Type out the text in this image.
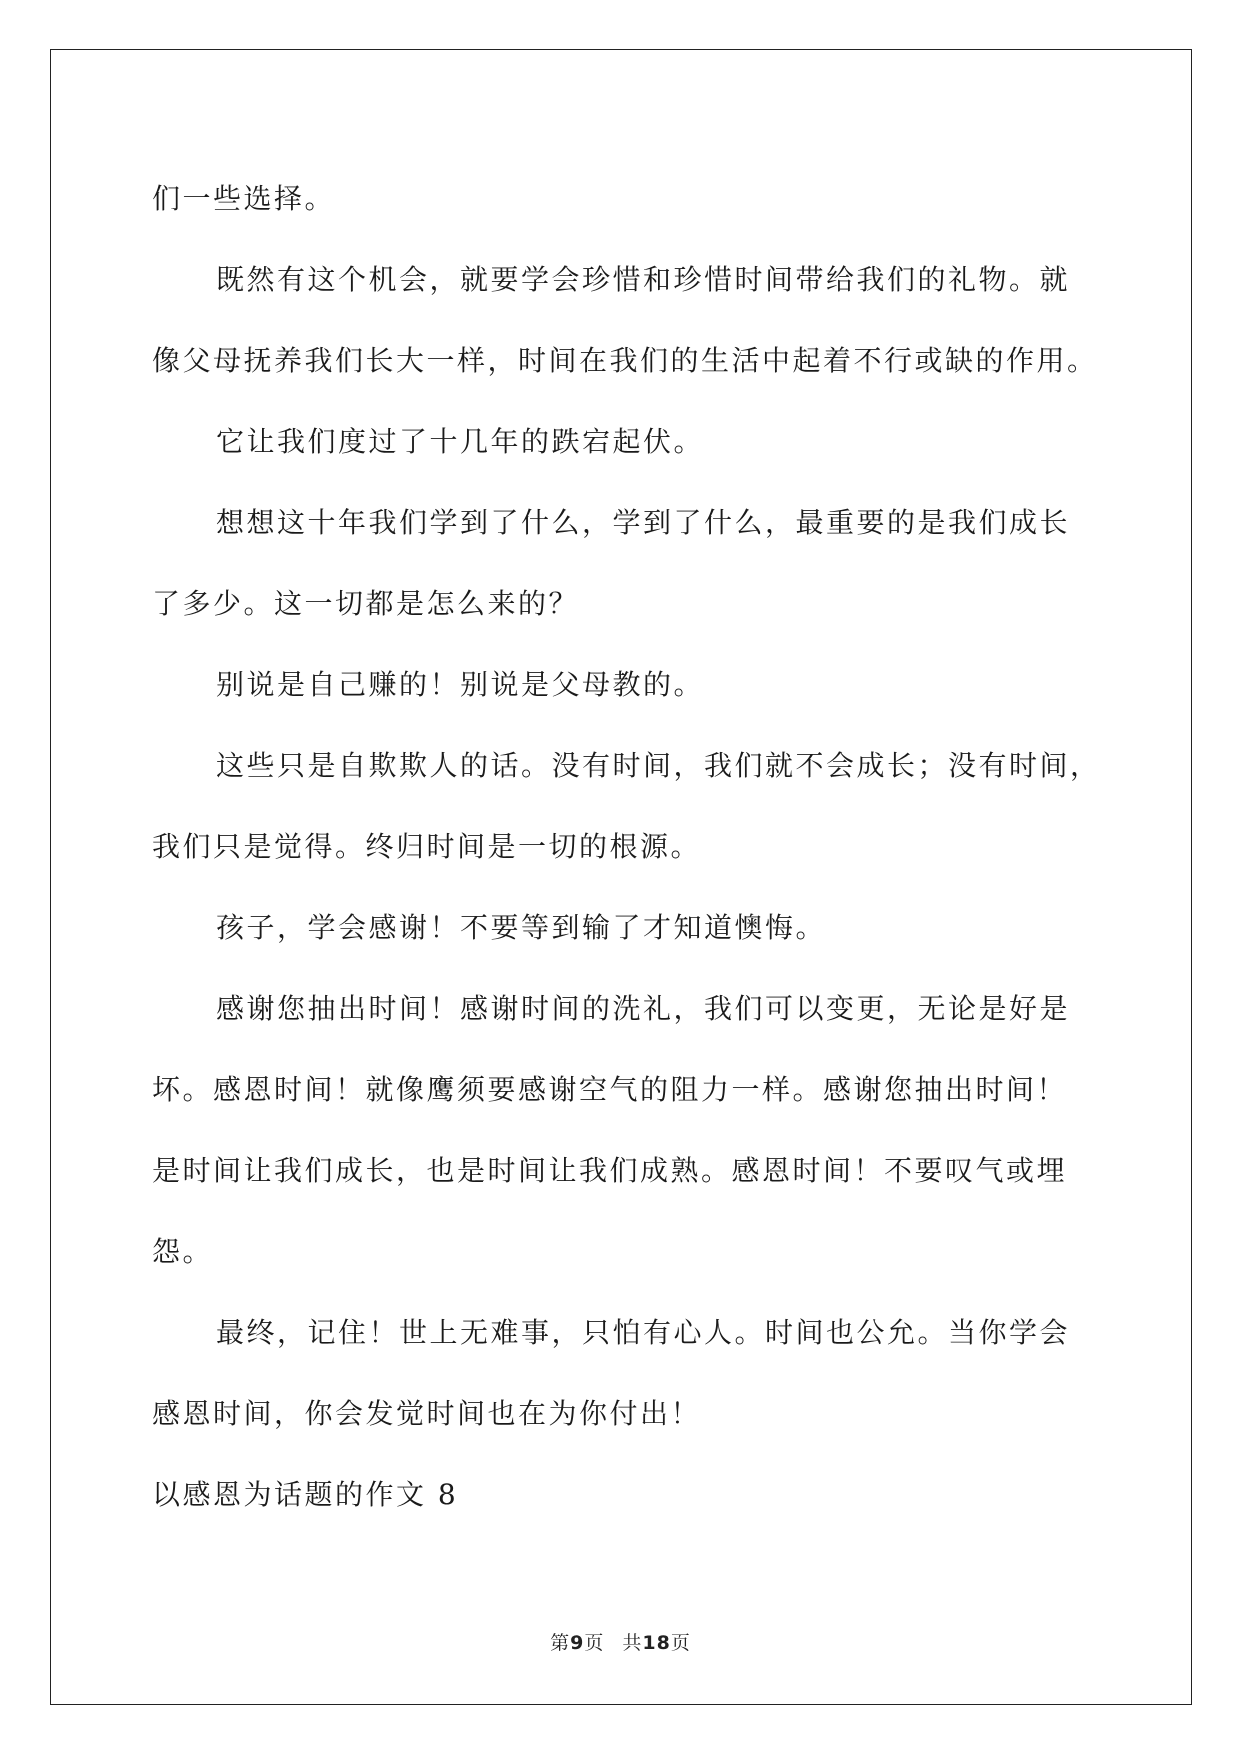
们一些选择。
既然有这个机会，就要学会珍惜和珍惜时间带给我们的礼物。就
像父母抚养我们长大一样，时间在我们的生活中起着不行或缺的作用。
它让我们度过了十几年的跌宕起伏。
想想这十年我们学到了什么，学到了什么，最重要的是我们成长
了多少。这一切都是怎么来的？
别说是自己赚的！别说是父母教的。
这些只是自欺欺人的话。没有时间，我们就不会成长；没有时间，
我们只是觉得。终归时间是一切的根源。
孩子，学会感谢！不要等到输了才知道懊悔。
感谢您抽出时间！感谢时间的洗礼，我们可以变更，无论是好是
坏。感恩时间！就像鹰须要感谢空气的阻力一样。感谢您抽出时间！
是时间让我们成长，也是时间让我们成熟。感恩时间！不要叹气或埋
怨。
最终，记住！世上无难事，只怕有心人。时间也公允。当你学会
感恩时间，你会发觉时间也在为你付出！
以感恩为话题的作文 8
第9页 共18页
